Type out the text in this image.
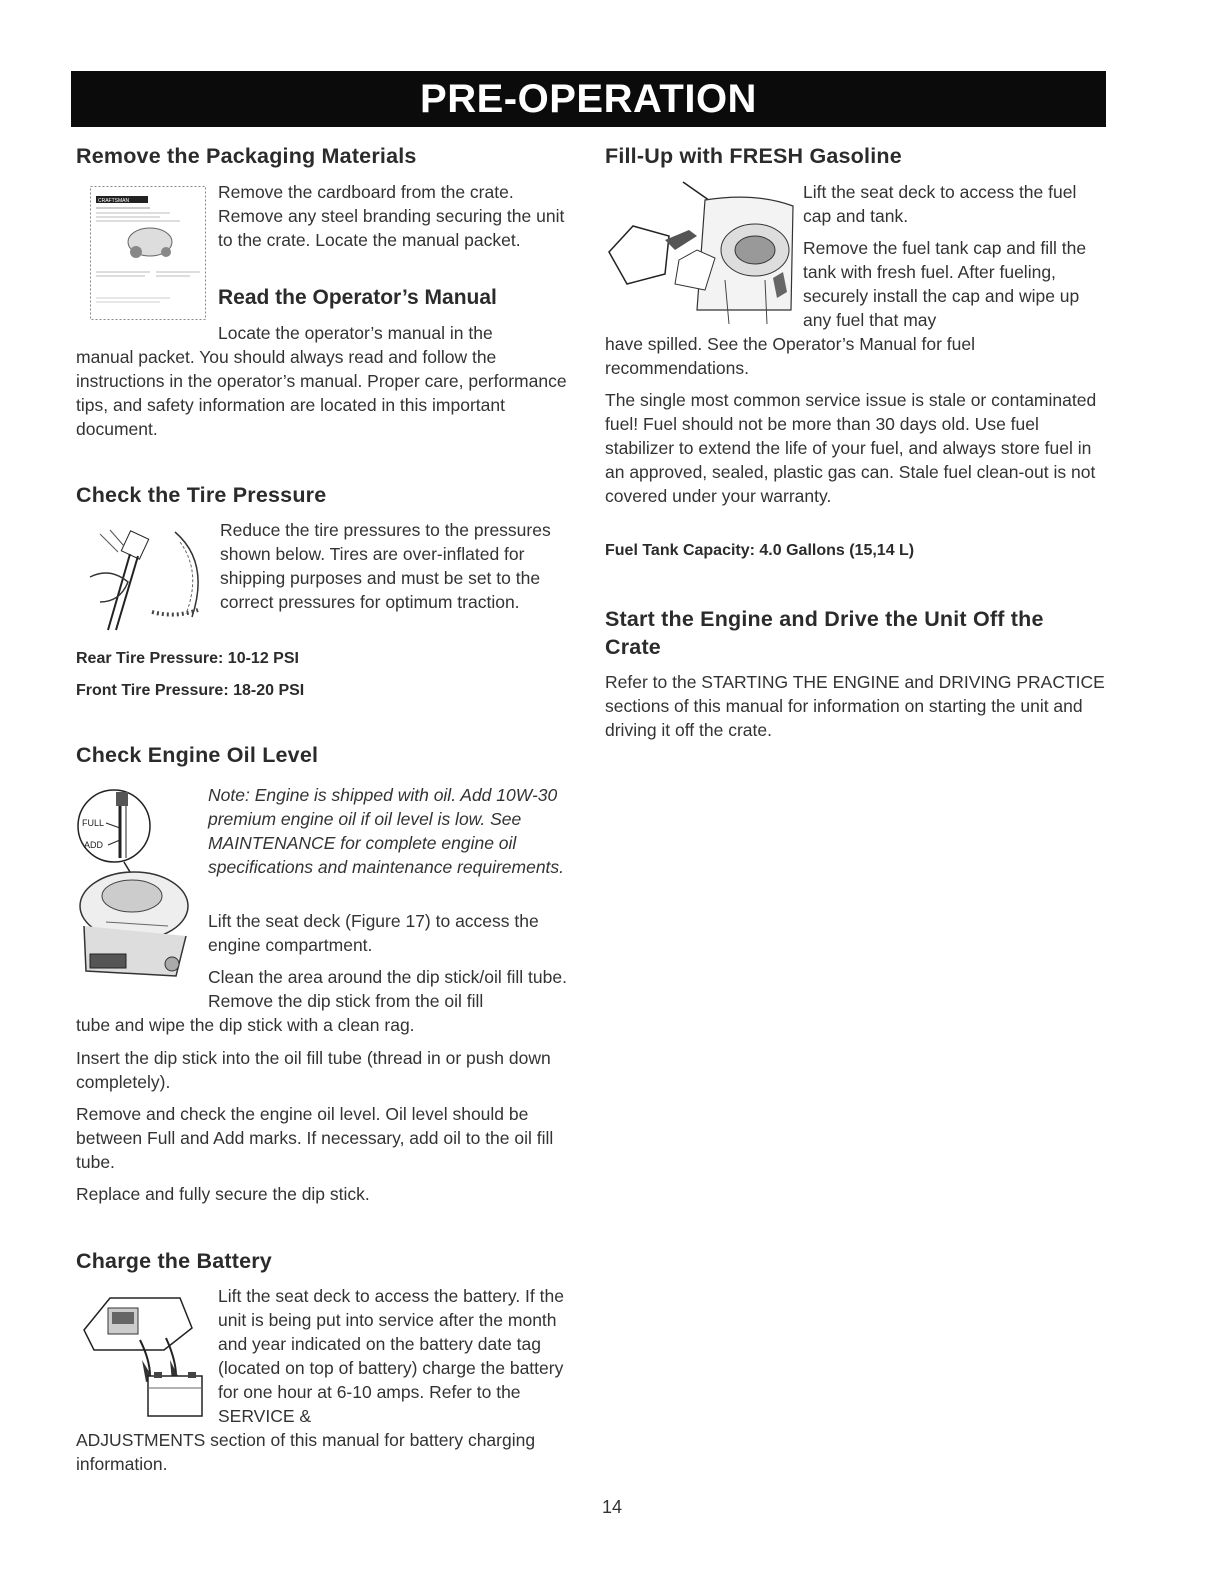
PRE-OPERATION
Remove the Packaging Materials
CRAFTSMAN	Remove the cardboard from the crate. Remove any steel branding securing the unit to the crate. Locate the manual packet.

Read the Operator’s Manual

Locate the operator’s manual in the

manual packet. You should always read and follow the instructions in the operator’s manual. Proper care, performance tips, and safety information are located in this important document.

Check the Tire Pressure

Reduce the tire pressures to the pressures shown below. Tires are over-inflated for shipping purposes and must be set to the correct pressures for optimum traction.

Rear Tire Pressure: 10-12 PSI
Front Tire Pressure: 18-20 PSI
Check Engine Oil Level
FULL
ADD

Note: Engine is shipped with oil. Add 10W-30 premium engine oil if oil level is low. See MAINTENANCE for complete engine oil specifications and maintenance requirements.

Lift the seat deck (Figure 17) to access the engine compartment.

Clean the area around the dip stick/oil fill tube. Remove the dip stick from the oil fill

tube and wipe the dip stick with a clean rag.

Insert the dip stick into the oil fill tube (thread in or push down completely).

Remove and check the engine oil level. Oil level should be between Full and Add marks. If necessary, add oil to the oil fill tube.

Replace and fully secure the dip stick.

Charge the Battery

Lift the seat deck to access the battery. If the unit is being put into service after the month and year indicated on the battery date tag (located on top of battery) charge the battery for one hour at 6-10 amps. Refer to the SERVICE &

ADJUSTMENTS section of this manual for battery charging information.

Fill-Up with FRESH Gasoline

Lift the seat deck to access the fuel cap and tank.

Remove the fuel tank cap and fill the tank with fresh fuel. After fueling, securely install the cap and wipe up any fuel that may

have spilled. See the Operator’s Manual for fuel recommendations.

The single most common service issue is stale or contaminated fuel! Fuel should not be more than 30 days old. Use fuel stabilizer to extend the life of your fuel, and always store fuel in an approved, sealed, plastic gas can. Stale fuel clean-out is not covered under your warranty.

Fuel Tank Capacity: 4.0 Gallons (15,14 L)
Start the Engine and Drive the Unit Off the Crate

Refer to the STARTING THE ENGINE and DRIVING PRACTICE sections of this manual for information on starting the unit and driving it off the crate.

14
